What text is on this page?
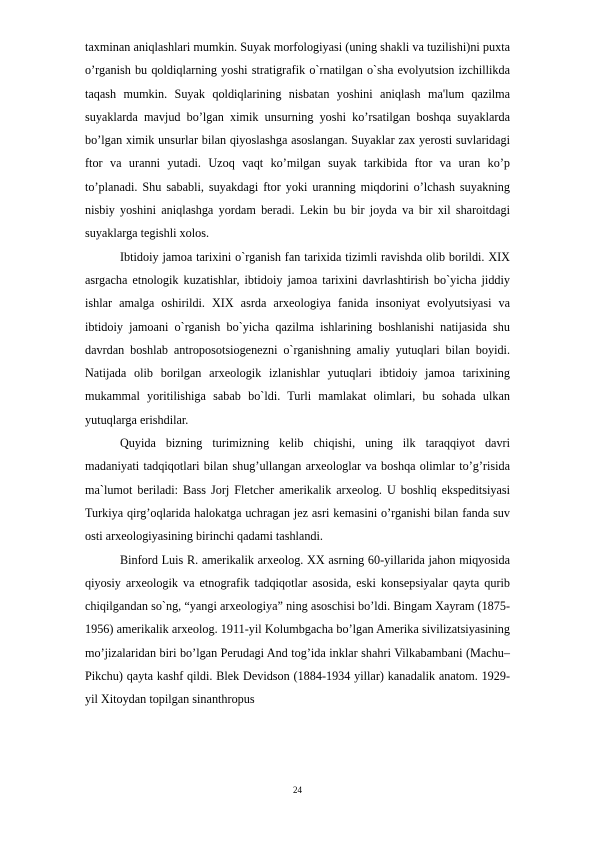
taxminan aniqlashlari mumkin. Suyak morfologiyasi (uning shakli va tuzilishi)ni puxta o’rganish bu qoldiqlarning yoshi stratigrafik o`rnatilgan o`sha evolyutsion izchillikda taqash mumkin. Suyak qoldiqlarining nisbatan yoshini aniqlash ma'lum qazilma suyaklarda mavjud bo’lgan ximik unsurning yoshi ko’rsatilgan boshqa suyaklarda bo’lgan ximik unsurlar bilan qiyoslashga asoslangan. Suyaklar zax yerosti suvlaridagi ftor va uranni yutadi. Uzoq vaqt ko’milgan suyak tarkibida ftor va uran ko’p to’planadi. Shu sababli, suyakdagi ftor yoki uranning miqdorini o’lchash suyakning nisbiy yoshini aniqlashga yordam beradi. Lekin bu bir joyda va bir xil sharoitdagi suyaklarga tegishli xolos.

Ibtidoiy jamoa tarixini o`rganish fan tarixida tizimli ravishda olib borildi. XIX asrgacha etnologik kuzatishlar, ibtidoiy jamoa tarixini davrlashtirish bo`yicha jiddiy ishlar amalga oshirildi. XIX asrda arxeologiya fanida insoniyat evolyutsiyasi va ibtidoiy jamoani o`rganish bo`yicha qazilma ishlarining boshlanishi natijasida shu davrdan boshlab antroposotsiogenezni o`rganishning amaliy yutuqlari bilan boyidi. Natijada olib borilgan arxeologik izlanishlar yutuqlari ibtidoiy jamoa tarixining mukammal yoritilishiga sabab bo`ldi. Turli mamlakat olimlari, bu sohada ulkan yutuqlarga erishdilar.

Quyida bizning turimizning kelib chiqishi, uning ilk taraqqiyot davri madaniyati tadqiqotlari bilan shug’ullangan arxeologlar va boshqa olimlar to’g’risida ma`lumot beriladi: Bass Jorj Fletcher amerikalik arxeolog. U boshliq ekspeditsiyasi Turkiya qirg’oqlarida halokatga uchragan jez asri kemasini o’rganishi bilan fanda suv osti arxeologiyasining birinchi qadami tashlandi.

Binford Luis R. amerikalik arxeolog. XX asrning 60-yillarida jahon miqyosida qiyosiy arxeologik va etnografik tadqiqotlar asosida, eski konsepsiyalar qayta qurib chiqilgandan so`ng, “yangi arxeologiya” ning asoschisi bo’ldi. Bingam Xayram (1875-1956) amerikalik arxeolog. 1911-yil Kolumbgacha bo’lgan Amerika sivilizatsiyasining mo’jizalaridan biri bo’lgan Perudagi And tog’ida inklar shahri Vilkabambani (Machu–Pikchu) qayta kashf qildi. Blek Devidson (1884-1934 yillar) kanadalik anatom. 1929-yil Xitoydan topilgan sinanthropus

24
